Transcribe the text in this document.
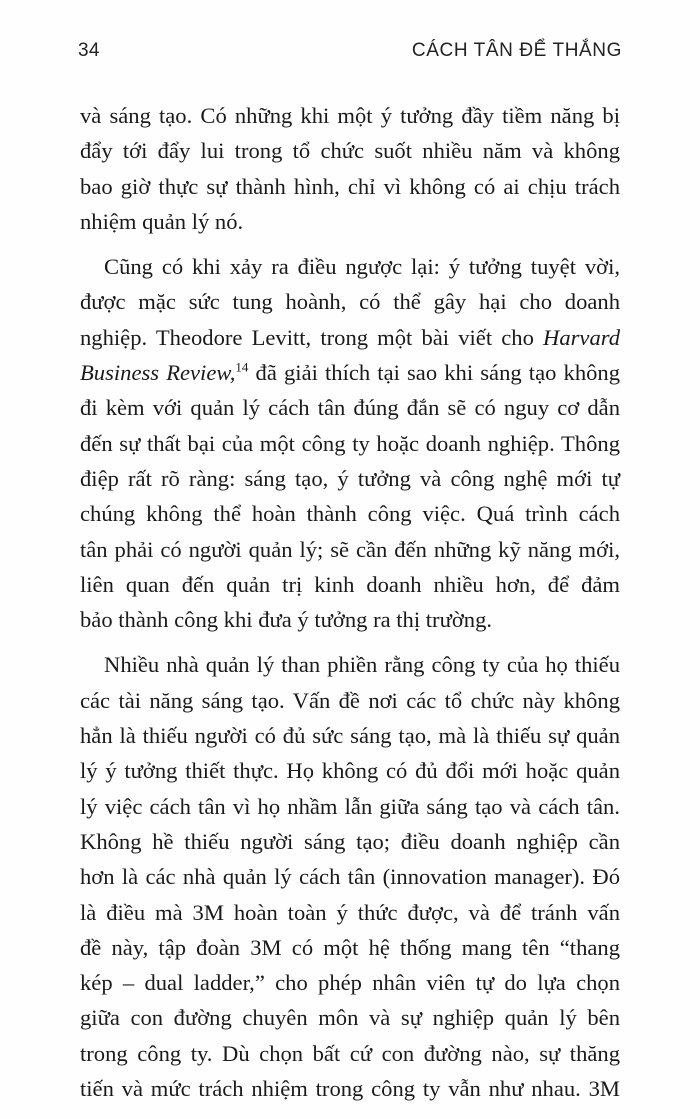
34	CÁCH TÂN ĐỂ THẮNG
và sáng tạo. Có những khi một ý tưởng đầy tiềm năng bị
đẩy tới đẩy lui trong tổ chức suốt nhiều năm và không
bao giờ thực sự thành hình, chỉ vì không có ai chịu trách
nhiệm quản lý nó.
Cũng có khi xảy ra điều ngược lại: ý tưởng tuyệt vời,
được mặc sức tung hoành, có thể gây hại cho doanh
nghiệp. Theodore Levitt, trong một bài viết cho Harvard
Business Review,$^{14}$ đã giải thích tại sao khi sáng tạo không
đi kèm với quản lý cách tân đúng đắn sẽ có nguy cơ dẫn
đến sự thất bại của một công ty hoặc doanh nghiệp. Thông
điệp rất rõ ràng: sáng tạo, ý tưởng và công nghệ mới tự
chúng không thể hoàn thành công việc. Quá trình cách
tân phải có người quản lý; sẽ cần đến những kỹ năng mới,
liên quan đến quản trị kinh doanh nhiều hơn, để đảm
bảo thành công khi đưa ý tưởng ra thị trường.
Nhiều nhà quản lý than phiền rằng công ty của họ thiếu
các tài năng sáng tạo. Vấn đề nơi các tổ chức này không
hẳn là thiếu người có đủ sức sáng tạo, mà là thiếu sự quản
lý ý tưởng thiết thực. Họ không có đủ đổi mới hoặc quản
lý việc cách tân vì họ nhầm lẫn giữa sáng tạo và cách tân.
Không hề thiếu người sáng tạo; điều doanh nghiệp cần
hơn là các nhà quản lý cách tân (innovation manager). Đó
là điều mà 3M hoàn toàn ý thức được, và để tránh vấn
đề này, tập đoàn 3M có một hệ thống mang tên “thang
kép – dual ladder,” cho phép nhân viên tự do lựa chọn
giữa con đường chuyên môn và sự nghiệp quản lý bên
trong công ty. Dù chọn bất cứ con đường nào, sự thăng
tiến và mức trách nhiệm trong công ty vẫn như nhau. 3M
